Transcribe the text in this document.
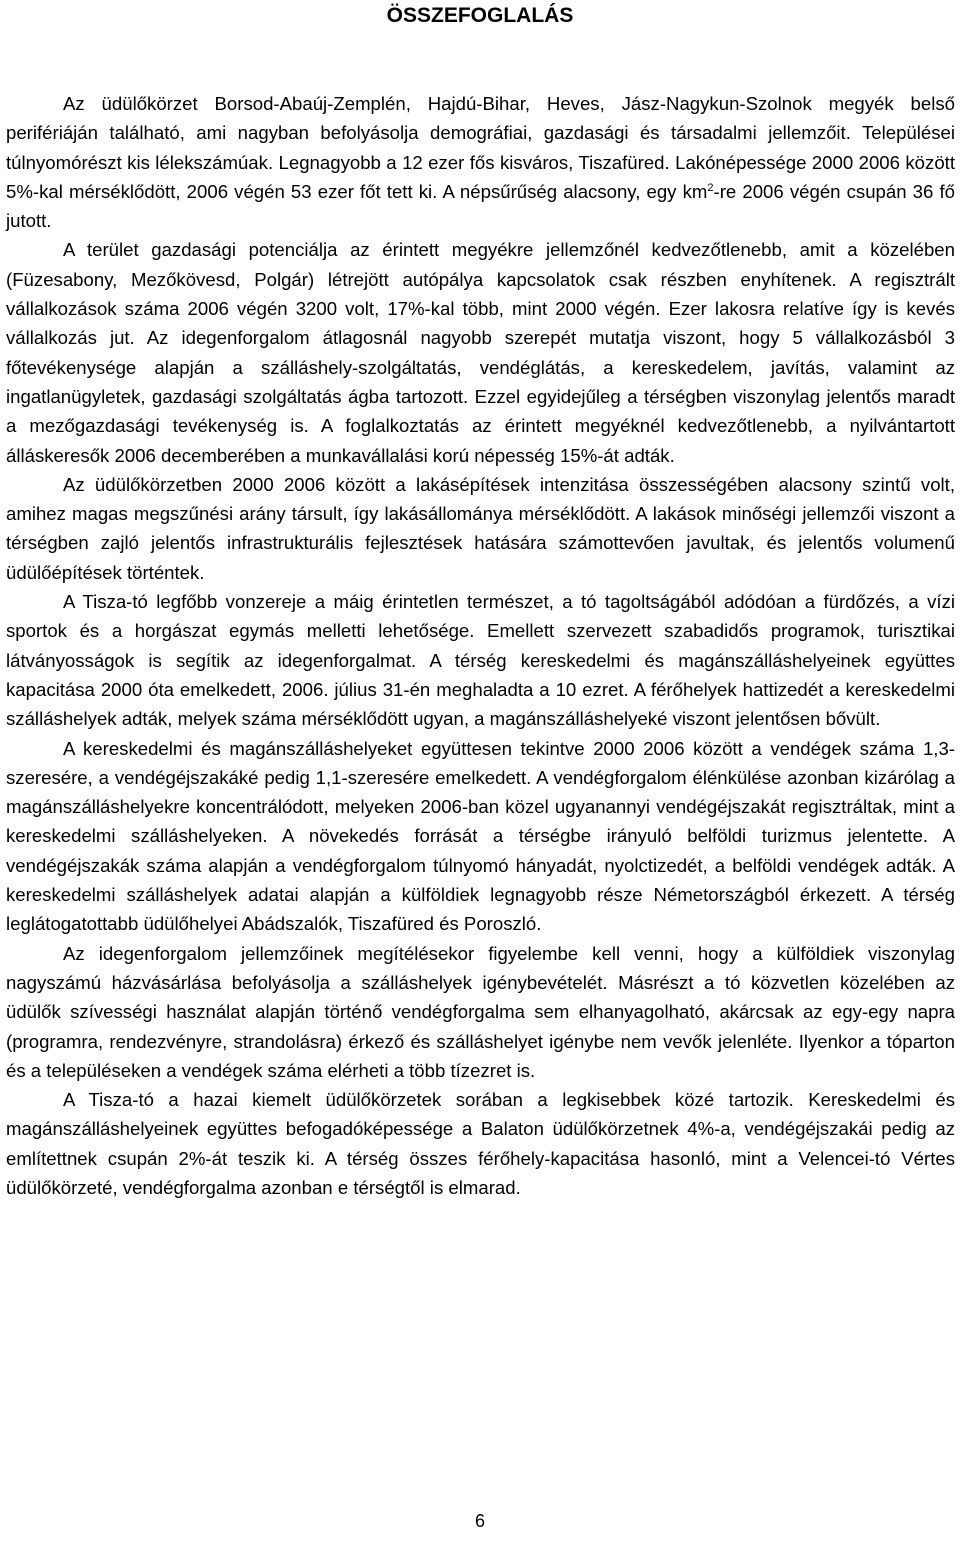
ÖSSZEFOGLALÁS

Az üdülőkörzet Borsod-Abaúj-Zemplén, Hajdú-Bihar, Heves, Jász-Nagykun-Szolnok megyék belső perifériáján található, ami nagyban befolyásolja demográfiai, gazdasági és társadalmi jellemzőit. Települései túlnyomórészt kis lélekszámúak. Legnagyobb a 12 ezer fős kisváros, Tiszafüred. Lakónépessége 2000 2006 között 5%-kal mérséklődött, 2006 végén 53 ezer főt tett ki. A népsűrűség alacsony, egy $km^2-re$ 2006 végén csupán 36 fő jutott.

A terület gazdasági potenciálja az érintett megyékre jellemzőnél kedvezőtlenebb, amit a közelében (Füzesabony, Mezőkövesd, Polgár) létrejött autópálya kapcsolatok csak részben enyhítenek. A regisztrált vállalkozások száma 2006 végén 3200 volt, 17%-kal több, mint 2000 végén. Ezer lakosra relatíve így is kevés vállalkozás jut. Az idegenforgalom átlagosnál nagyobb szerepét mutatja viszont, hogy 5 vállalkozásból 3 főtevékenysége alapján a szálláshely-szolgáltatás, vendéglátás, a kereskedelem, javítás, valamint az ingatlanügyletek, gazdasági szolgáltatás ágba tartozott. Ezzel egyidejűleg a térségben viszonylag jelentős maradt a mezőgazdasági tevékenység is. A foglalkoztatás az érintett megyéknél kedvezőtlenebb, a nyilvántartott álláskeresők 2006 decemberében a munkavállalási korú népesség 15%-át adták.

Az üdülőkörzetben 2000 2006 között a lakásépítések intenzitása összességében alacsony szintű volt, amihez magas megszűnési arány társult, így lakásállománya mérséklődött. A lakások minőségi jellemzői viszont a térségben zajló jelentős infrastrukturális fejlesztések hatására számottevően javultak, és jelentős volumenű üdülőépítések történtek.

A Tisza-tó legfőbb vonzereje a máig érintetlen természet, a tó tagoltságából adódóan a fürdőzés, a vízi sportok és a horgászat egymás melletti lehetősége. Emellett szervezett szabadidős programok, turisztikai látványosságok is segítik az idegenforgalmat. A térség kereskedelmi és magánszálláshelyeinek együttes kapacitása 2000 óta emelkedett, 2006. július 31-én meghaladta a 10 ezret. A férőhelyek hattizedét a kereskedelmi szálláshelyek adták, melyek száma mérséklődött ugyan, a magánszálláshelyeké viszont jelentősen bővült.

A kereskedelmi és magánszálláshelyeket együttesen tekintve 2000 2006 között a vendégek száma 1,3-szeresére, a vendégéjszakáké pedig 1,1-szeresére emelkedett. A vendégforgalom élénkülése azonban kizárólag a magánszálláshelyekre koncentrálódott, melyeken 2006-ban közel ugyanannyi vendégéjszakát regisztráltak, mint a kereskedelmi szálláshelyeken. A növekedés forrását a térségbe irányuló belföldi turizmus jelentette. A vendégéjszakák száma alapján a vendégforgalom túlnyomó hányadát, nyolctizedét, a belföldi vendégek adták. A kereskedelmi szálláshelyek adatai alapján a külföldiek legnagyobb része Németországból érkezett. A térség leglátogatottabb üdülőhelyei Abádszalók, Tiszafüred és Poroszló.

Az idegenforgalom jellemzőinek megítélésekor figyelembe kell venni, hogy a külföldiek viszonylag nagyszámú házvásárlása befolyásolja a szálláshelyek igénybevételét. Másrészt a tó közvetlen közelében az üdülők szívességi használat alapján történő vendégforgalma sem elhanyagolható, akárcsak az egy-egy napra (programra, rendezvényre, strandolásra) érkező és szálláshelyet igénybe nem vevők jelenléte. Ilyenkor a tóparton és a településeken a vendégek száma elérheti a több tízezret is.

A Tisza-tó a hazai kiemelt üdülőkörzetek sorában a legkisebbek közé tartozik. Kereskedelmi és magánszálláshelyeinek együttes befogadóképessége a Balaton üdülőkörzetnek 4%-a, vendégéjszakái pedig az említettnek csupán 2%-át teszik ki. A térség összes férőhely-kapacitása hasonló, mint a Velencei-tó Vértes üdülőkörzeté, vendégforgalma azonban e térségtől is elmarad.

6
